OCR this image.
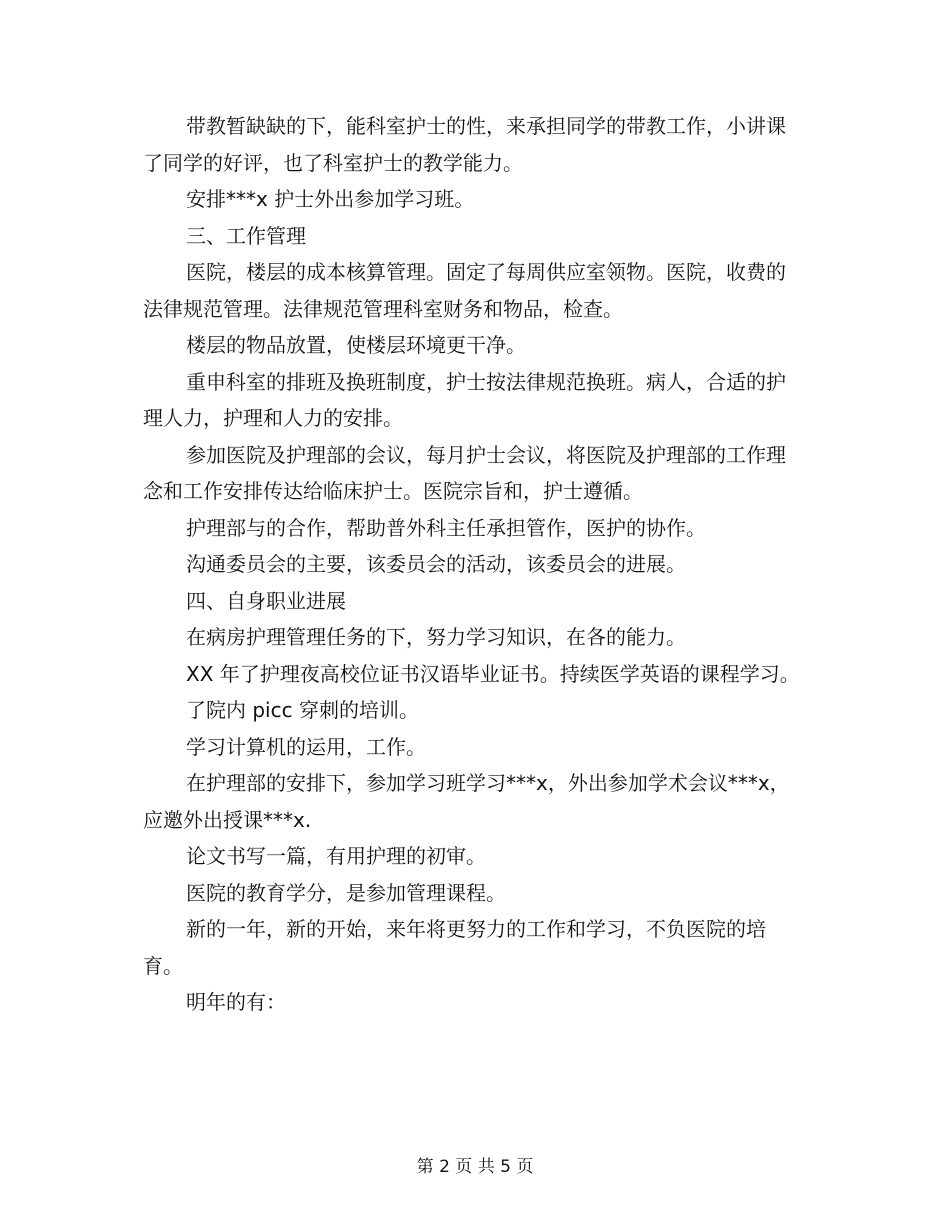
带教暂缺缺的下，能科室护士的性，来承担同学的带教工作，小讲课了同学的好评，也了科室护士的教学能力。

安排***x 护士外出参加学习班。

三、工作管理

医院，楼层的成本核算管理。固定了每周供应室领物。医院，收费的法律规范管理。法律规范管理科室财务和物品，检查。

楼层的物品放置，使楼层环境更干净。

重申科室的排班及换班制度，护士按法律规范换班。病人，合适的护理人力，护理和人力的安排。

参加医院及护理部的会议，每月护士会议，将医院及护理部的工作理念和工作安排传达给临床护士。医院宗旨和，护士遵循。

护理部与的合作，帮助普外科主任承担管作，医护的协作。

沟通委员会的主要，该委员会的活动，该委员会的进展。

四、自身职业进展

在病房护理管理任务的下，努力学习知识，在各的能力。

XX 年了护理夜高校位证书汉语毕业证书。持续医学英语的课程学习。

了院内 picc 穿刺的培训。

学习计算机的运用，工作。

在护理部的安排下，参加学习班学习***x，外出参加学术会议***x，应邀外出授课***x.

论文书写一篇，有用护理的初审。

医院的教育学分，是参加管理课程。

新的一年，新的开始，来年将更努力的工作和学习，不负医院的培育。

明年的有：

第 2 页 共 5 页
